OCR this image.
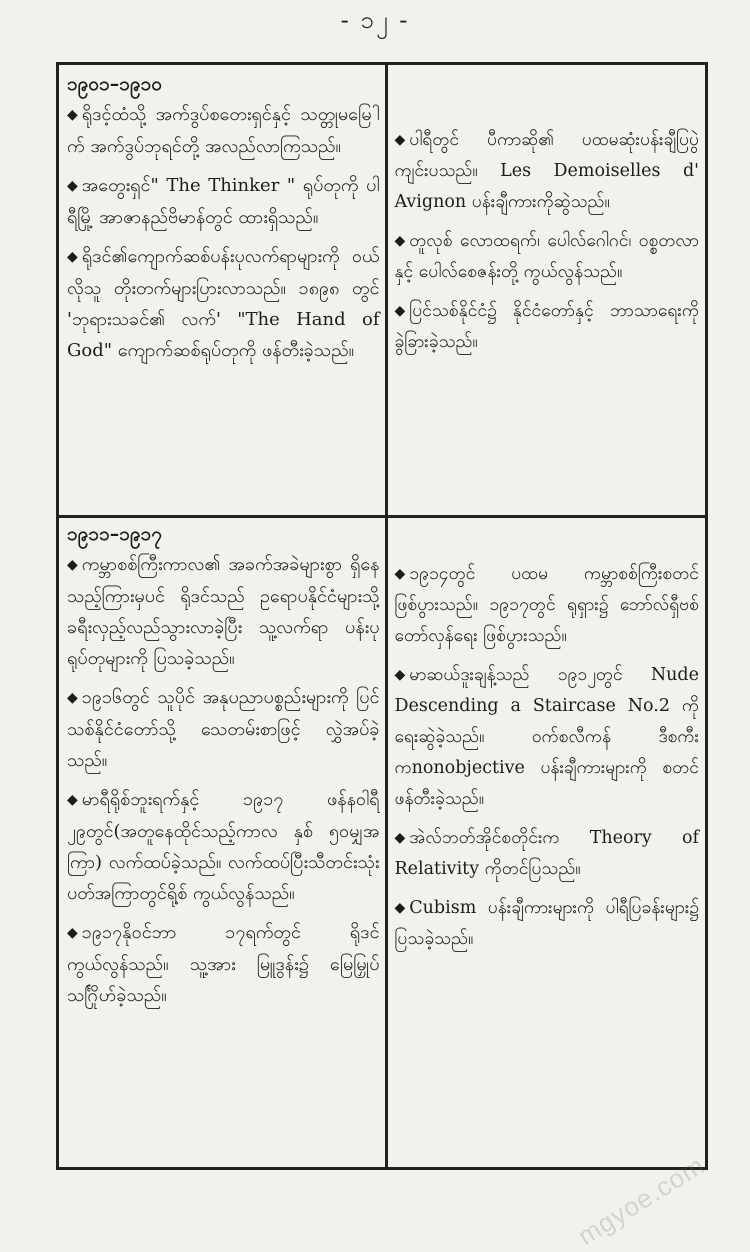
- ၁၂ -
၁၉၀၁–၁၉၁၀
◆ ရိုဒင့်ထံသို့ အက်ဒွပ်စတေးရှင်နှင့် သတ္တုမမြေါက် အက်ဒွပ်ဘုရင်တို့ အလည်လာကြသည်။
◆ အတွေးရှင်" The Thinker " ရုပ်တုကို ပါရီမြို့ အာဇာနည်ဗိမာန်တွင် ထားရှိသည်။
◆ ရိုဒင်၏ကျောက်ဆစ်ပန်းပုလက်ရာများကို ဝယ်လိုသူ တိုးတက်များပြားလာသည်။ ၁၈၉၈ တွင် 'ဘုရားသခင်၏ လက်' "The Hand of God" ကျောက်ဆစ်ရုပ်တုကို ဖန်တီးခဲ့သည်။
◆ ပါရီတွင် ပီကာဆို၏ ပထမဆုံးပန်းချီပြပွဲကျင်းပသည်။ Les Demoiselles d' Avignon ပန်းချီကားကိုဆွဲသည်။
◆ တူလုစ် လောထရက်၊ ပေါလ်ဂေါဂင်၊ ဝစ္စတလာနှင့် ပေါလ်စေဇန်းတို့ ကွယ်လွန်သည်။
◆ ပြင်သစ်နိုင်ငံ၌ နိုင်ငံတော်နှင့် ဘာသာရေးကိုခွဲခြားခဲ့သည်။
၁၉၁၁–၁၉၁၇
◆ ကမ္ဘာစစ်ကြီးကာလ၏ အခက်အခဲများစွာ ရှိနေသည့်ကြားမှပင် ရိုဒင်သည် ဥရောပနိုင်ငံများသို့ ခရီးလှည့်လည်သွားလာခဲ့ပြီး သူ့လက်ရာ ပန်းပုရုပ်တုများကို ပြသခဲ့သည်။
◆ ၁၉၁၆တွင် သူပိုင် အနုပညာပစ္စည်းများကို ပြင်သစ်နိုင်ငံတော်သို့ သေတမ်းစာဖြင့် လွှဲအပ်ခဲ့သည်။
◆ မာရီရိုစ်ဘူးရက်နှင့် ၁၉၁၇ ဖန်နဝါရီ ၂၉တွင်(အတူနေထိုင်သည့်ကာလ နှစ် ၅၀မျှအကြာ) လက်ထပ်ခဲ့သည်။ လက်ထပ်ပြီးသီတင်းသုံးပတ်အကြာတွင်ရို့စ် ကွယ်လွန်သည်။
◆ ၁၉၁၇နိုဝင်ဘာ ၁၇ရက်တွင် ရိုဒင် ကွယ်လွန်သည်။ သူ့အား မြူဒွန်း၌ မြေမြှုပ်သင်္ဂြိုဟ်ခဲ့သည်။
◆ ၁၉၁၄တွင် ပထမ ကမ္ဘာစစ်ကြီးစတင်ဖြစ်ပွားသည်။ ၁၉၁၇တွင် ရုရှား၌ ဘော်လ်ရှီဗစ် တော်လှန်ရေး ဖြစ်ပွားသည်။
◆ မာဆယ်ဒူးချန့်သည် ၁၉၁၂တွင် Nude Descending a Staircase No.2 ကိုရေးဆွဲခဲ့သည်။ ဝက်စလီကန် ဒီစကီးကnonobjective ပန်းချီကားများကို စတင်ဖန်တီးခဲ့သည်။
◆ အဲလ်ဘတ်အိုင်စတိုင်းက Theory of Relativity ကိုတင်ပြသည်။
◆ Cubism ပန်းချီကားများကို ပါရီပြခန်းများ၌ ပြသခဲ့သည်။
mgyoe.com
